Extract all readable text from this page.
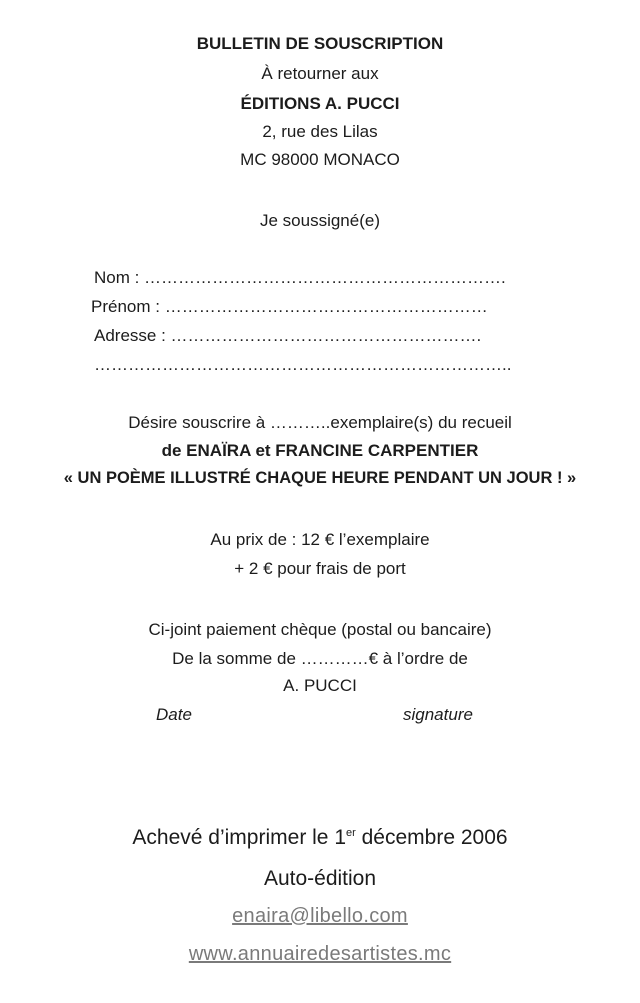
BULLETIN DE SOUSCRIPTION
À retourner aux
ÉDITIONS A. PUCCI
2, rue des Lilas
MC 98000 MONACO
Je soussigné(e)
Nom : ……………………………………………………….
Prénom : …………………………………………………
Adresse : ……………………………………………….
………………………………………………………………..
Désire souscrire à ………..exemplaire(s) du recueil
de ENAÏRA et FRANCINE CARPENTIER
« UN POÈME ILLUSTRÉ CHAQUE HEURE PENDANT UN JOUR ! »
Au prix de : 12 € l’exemplaire
+ 2 € pour frais de port
Ci-joint paiement chèque (postal ou bancaire)
De la somme de …………€ à l’ordre de
A. PUCCI
Date	signature
Achevé d’imprimer le 1er décembre 2006
Auto-édition
enaira@libello.com
www.annuairedesartistes.mc
